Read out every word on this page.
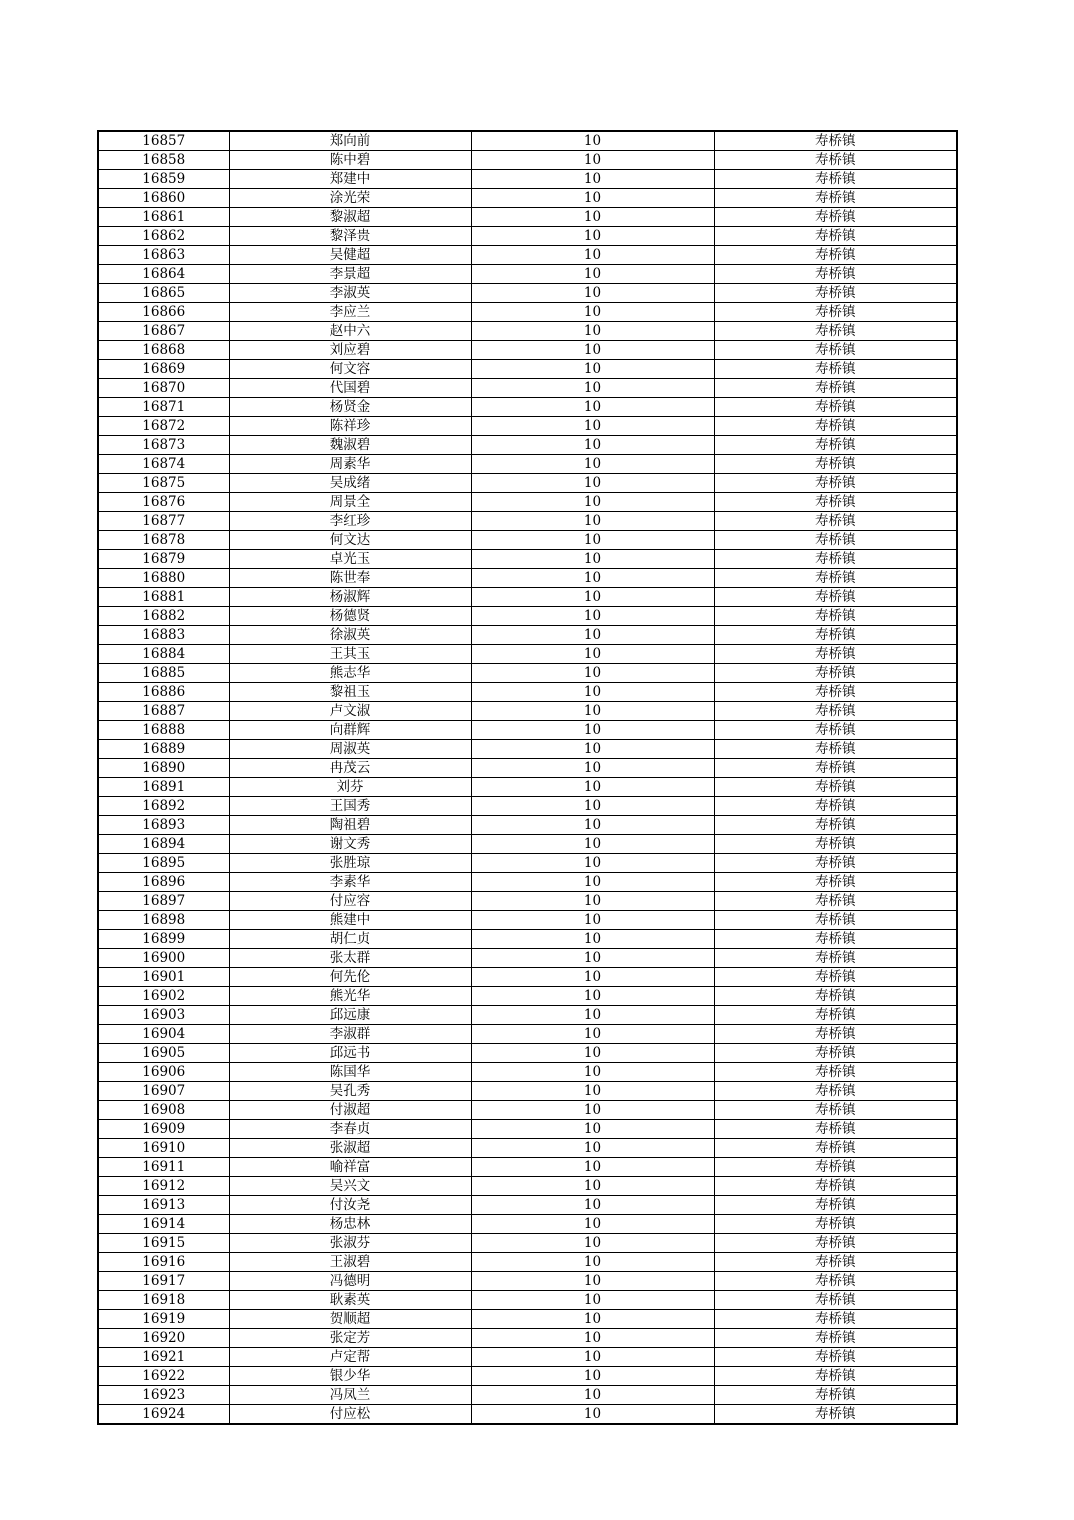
16857	郑向前	10	寿桥镇
16858	陈中碧	10	寿桥镇
16859	郑建中	10	寿桥镇
16860	涂光荣	10	寿桥镇
16861	黎淑超	10	寿桥镇
16862	黎泽贵	10	寿桥镇
16863	吴健超	10	寿桥镇
16864	李景超	10	寿桥镇
16865	李淑英	10	寿桥镇
16866	李应兰	10	寿桥镇
16867	赵中六	10	寿桥镇
16868	刘应碧	10	寿桥镇
16869	何文容	10	寿桥镇
16870	代国碧	10	寿桥镇
16871	杨贤金	10	寿桥镇
16872	陈祥珍	10	寿桥镇
16873	魏淑碧	10	寿桥镇
16874	周素华	10	寿桥镇
16875	吴成绪	10	寿桥镇
16876	周景全	10	寿桥镇
16877	李红珍	10	寿桥镇
16878	何文达	10	寿桥镇
16879	卓光玉	10	寿桥镇
16880	陈世奉	10	寿桥镇
16881	杨淑辉	10	寿桥镇
16882	杨德贤	10	寿桥镇
16883	徐淑英	10	寿桥镇
16884	王其玉	10	寿桥镇
16885	熊志华	10	寿桥镇
16886	黎祖玉	10	寿桥镇
16887	卢文淑	10	寿桥镇
16888	向群辉	10	寿桥镇
16889	周淑英	10	寿桥镇
16890	冉茂云	10	寿桥镇
16891	刘芬	10	寿桥镇
16892	王国秀	10	寿桥镇
16893	陶祖碧	10	寿桥镇
16894	谢文秀	10	寿桥镇
16895	张胜琼	10	寿桥镇
16896	李素华	10	寿桥镇
16897	付应容	10	寿桥镇
16898	熊建中	10	寿桥镇
16899	胡仁贞	10	寿桥镇
16900	张太群	10	寿桥镇
16901	何先伦	10	寿桥镇
16902	熊光华	10	寿桥镇
16903	邱远康	10	寿桥镇
16904	李淑群	10	寿桥镇
16905	邱远书	10	寿桥镇
16906	陈国华	10	寿桥镇
16907	吴孔秀	10	寿桥镇
16908	付淑超	10	寿桥镇
16909	李春贞	10	寿桥镇
16910	张淑超	10	寿桥镇
16911	喻祥富	10	寿桥镇
16912	吴兴文	10	寿桥镇
16913	付汝尧	10	寿桥镇
16914	杨忠林	10	寿桥镇
16915	张淑芬	10	寿桥镇
16916	王淑碧	10	寿桥镇
16917	冯德明	10	寿桥镇
16918	耿素英	10	寿桥镇
16919	贺顺超	10	寿桥镇
16920	张定芳	10	寿桥镇
16921	卢定帮	10	寿桥镇
16922	银少华	10	寿桥镇
16923	冯凤兰	10	寿桥镇
16924	付应松	10	寿桥镇
